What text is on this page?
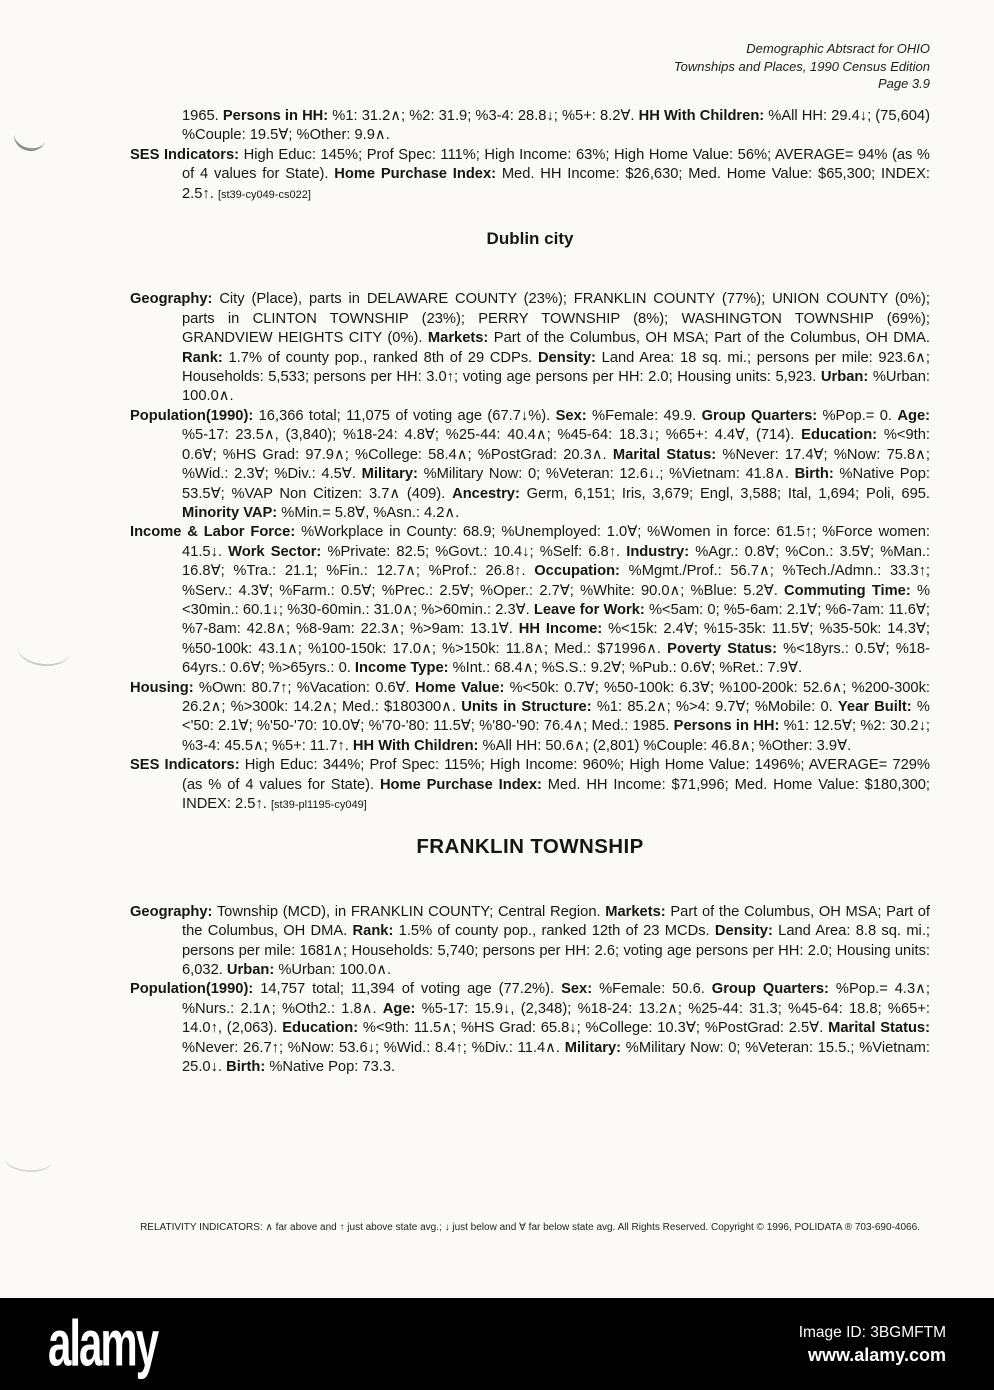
Demographic Abtsract for OHIO
Townships and Places, 1990 Census Edition
Page 3.9

1965. Persons in HH: %1: 31.2∧; %2: 31.9; %3-4: 28.8↓; %5+: 8.2∀. HH With Children: %All HH: 29.4↓; (75,604) %Couple: 19.5∀; %Other: 9.9∧.

SES Indicators: High Educ: 145%; Prof Spec: 111%; High Income: 63%; High Home Value: 56%; AVERAGE= 94% (as % of 4 values for State). Home Purchase Index: Med. HH Income: $26,630; Med. Home Value: $65,300; INDEX: 2.5↑. [st39-cy049-cs022]

Dublin city

Geography: City (Place), parts in DELAWARE COUNTY (23%); FRANKLIN COUNTY (77%); UNION COUNTY (0%); parts in CLINTON TOWNSHIP (23%); PERRY TOWNSHIP (8%); WASHINGTON TOWNSHIP (69%); GRANDVIEW HEIGHTS CITY (0%). Markets: Part of the Columbus, OH MSA; Part of the Columbus, OH DMA. Rank: 1.7% of county pop., ranked 8th of 29 CDPs. Density: Land Area: 18 sq. mi.; persons per mile: 923.6∧; Households: 5,533; persons per HH: 3.0↑; voting age persons per HH: 2.0; Housing units: 5,923. Urban: %Urban: 100.0∧.

Population(1990): 16,366 total; 11,075 of voting age (67.7↓%). Sex: %Female: 49.9. Group Quarters: %Pop.= 0. Age: %5-17: 23.5∧, (3,840); %18-24: 4.8∀; %25-44: 40.4∧; %45-64: 18.3↓; %65+: 4.4∀, (714). Education: %<9th: 0.6∀; %HS Grad: 97.9∧; %College: 58.4∧; %PostGrad: 20.3∧. Marital Status: %Never: 17.4∀; %Now: 75.8∧; %Wid.: 2.3∀; %Div.: 4.5∀. Military: %Military Now: 0; %Veteran: 12.6↓.; %Vietnam: 41.8∧. Birth: %Native Pop: 53.5∀; %VAP Non Citizen: 3.7∧ (409). Ancestry: Germ, 6,151; Iris, 3,679; Engl, 3,588; Ital, 1,694; Poli, 695. Minority VAP: %Min.= 5.8∀, %Asn.: 4.2∧.

Income & Labor Force: %Workplace in County: 68.9; %Unemployed: 1.0∀; %Women in force: 61.5↑; %Force women: 41.5↓. Work Sector: %Private: 82.5; %Govt.: 10.4↓; %Self: 6.8↑. Industry: %Agr.: 0.8∀; %Con.: 3.5∀; %Man.: 16.8∀; %Tra.: 21.1; %Fin.: 12.7∧; %Prof.: 26.8↑. Occupation: %Mgmt./Prof.: 56.7∧; %Tech./Admn.: 33.3↑; %Serv.: 4.3∀; %Farm.: 0.5∀; %Prec.: 2.5∀; %Oper.: 2.7∀; %White: 90.0∧; %Blue: 5.2∀. Commuting Time: %<30min.: 60.1↓; %30-60min.: 31.0∧; %>60min.: 2.3∀. Leave for Work: %<5am: 0; %5-6am: 2.1∀; %6-7am: 11.6∀; %7-8am: 42.8∧; %8-9am: 22.3∧; %>9am: 13.1∀. HH Income: %<15k: 2.4∀; %15-35k: 11.5∀; %35-50k: 14.3∀; %50-100k: 43.1∧; %100-150k: 17.0∧; %>150k: 11.8∧; Med.: $71996∧. Poverty Status: %<18yrs.: 0.5∀; %18-64yrs.: 0.6∀; %>65yrs.: 0. Income Type: %Int.: 68.4∧; %S.S.: 9.2∀; %Pub.: 0.6∀; %Ret.: 7.9∀.

Housing: %Own: 80.7↑; %Vacation: 0.6∀. Home Value: %<50k: 0.7∀; %50-100k: 6.3∀; %100-200k: 52.6∧; %200-300k: 26.2∧; %>300k: 14.2∧; Med.: $180300∧. Units in Structure: %1: 85.2∧; %>4: 9.7∀; %Mobile: 0. Year Built: %<'50: 2.1∀; %'50-'70: 10.0∀; %'70-'80: 11.5∀; %'80-'90: 76.4∧; Med.: 1985. Persons in HH: %1: 12.5∀; %2: 30.2↓; %3-4: 45.5∧; %5+: 11.7↑. HH With Children: %All HH: 50.6∧; (2,801) %Couple: 46.8∧; %Other: 3.9∀.

SES Indicators: High Educ: 344%; Prof Spec: 115%; High Income: 960%; High Home Value: 1496%; AVERAGE= 729% (as % of 4 values for State). Home Purchase Index: Med. HH Income: $71,996; Med. Home Value: $180,300; INDEX: 2.5↑. [st39-pl1195-cy049]

FRANKLIN TOWNSHIP

Geography: Township (MCD), in FRANKLIN COUNTY; Central Region. Markets: Part of the Columbus, OH MSA; Part of the Columbus, OH DMA. Rank: 1.5% of county pop., ranked 12th of 23 MCDs. Density: Land Area: 8.8 sq. mi.; persons per mile: 1681∧; Households: 5,740; persons per HH: 2.6; voting age persons per HH: 2.0; Housing units: 6,032. Urban: %Urban: 100.0∧.

Population(1990): 14,757 total; 11,394 of voting age (77.2%). Sex: %Female: 50.6. Group Quarters: %Pop.= 4.3∧; %Nurs.: 2.1∧; %Oth2.: 1.8∧. Age: %5-17: 15.9↓, (2,348); %18-24: 13.2∧; %25-44: 31.3; %45-64: 18.8; %65+: 14.0↑, (2,063). Education: %<9th: 11.5∧; %HS Grad: 65.8↓; %College: 10.3∀; %PostGrad: 2.5∀. Marital Status: %Never: 26.7↑; %Now: 53.6↓; %Wid.: 8.4↑; %Div.: 11.4∧. Military: %Military Now: 0; %Veteran: 15.5.; %Vietnam: 25.0↓. Birth: %Native Pop: 73.3.

RELATIVITY INDICATORS: ∧ far above and ↑ just above state avg.; ↓ just below and ∀ far below state avg. All Rights Reserved. Copyright © 1996, POLIDATA ® 703-690-4066.
alamy	Image ID: 3BGMFTM
www.alamy.com
